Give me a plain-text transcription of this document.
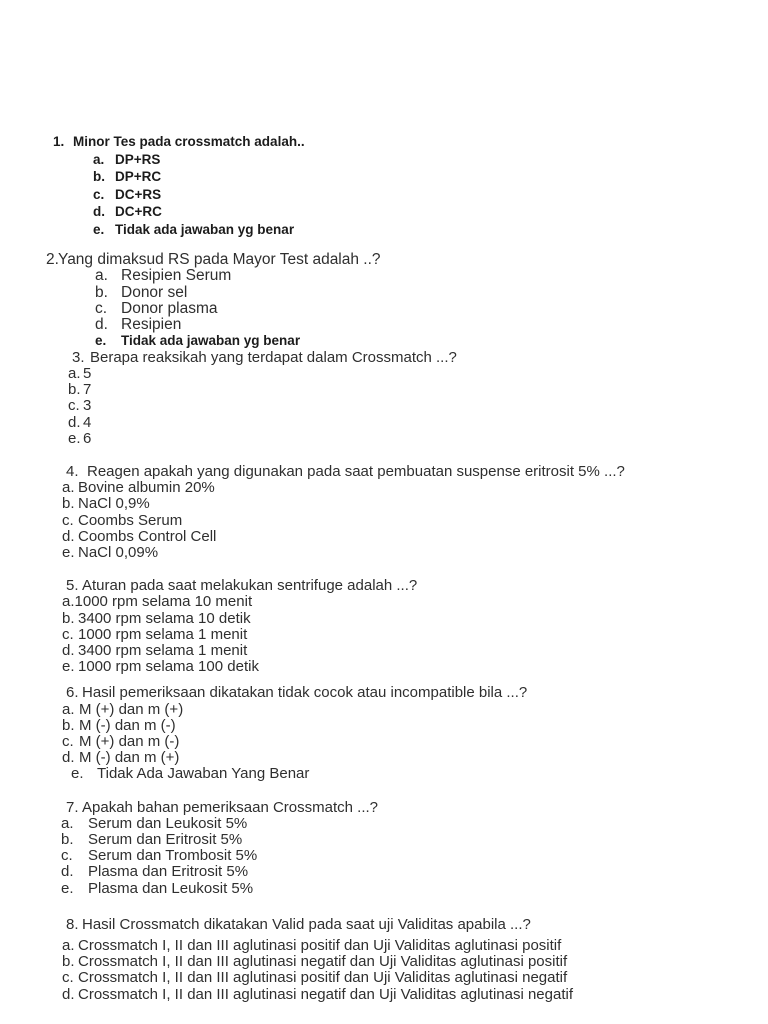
1. Minor Tes pada crossmatch adalah..
a. DP+RS
b. DP+RC
c. DC+RS
d. DC+RC
e. Tidak ada jawaban yg benar
2.Yang dimaksud RS pada Mayor Test adalah ..?
a. Resipien Serum
b. Donor sel
c. Donor plasma
d. Resipien
e. Tidak ada jawaban yg benar
3. Berapa reaksikah yang terdapat dalam Crossmatch ...?
a. 5
b. 7
c. 3
d. 4
e. 6
4. Reagen apakah yang digunakan pada saat pembuatan suspense eritrosit 5% ...?
a. Bovine albumin 20%
b. NaCl 0,9%
c. Coombs Serum
d. Coombs Control Cell
e. NaCl 0,09%
5. Aturan pada saat melakukan sentrifuge adalah ...?
a.1000 rpm selama 10 menit
b. 3400 rpm selama 10 detik
c. 1000 rpm selama 1 menit
d. 3400 rpm selama 1 menit
e. 1000 rpm selama 100 detik
6. Hasil pemeriksaan dikatakan tidak cocok atau incompatible bila ...?
a. M (+) dan m (+)
b. M (-) dan m (-)
c. M (+) dan m (-)
d. M (-) dan m (+)
e. Tidak Ada Jawaban Yang Benar
7. Apakah bahan pemeriksaan Crossmatch ...?
a. Serum dan Leukosit 5%
b. Serum dan Eritrosit 5%
c. Serum dan Trombosit 5%
d. Plasma dan Eritrosit 5%
e. Plasma dan Leukosit 5%
8. Hasil Crossmatch dikatakan Valid pada saat uji Validitas apabila ...?
a. Crossmatch I, II dan III aglutinasi positif dan Uji Validitas aglutinasi positif
b. Crossmatch I, II dan III aglutinasi negatif dan Uji Validitas aglutinasi positif
c. Crossmatch I, II dan III aglutinasi positif dan Uji Validitas aglutinasi negatif
d. Crossmatch I, II dan III aglutinasi negatif dan Uji Validitas aglutinasi negatif
